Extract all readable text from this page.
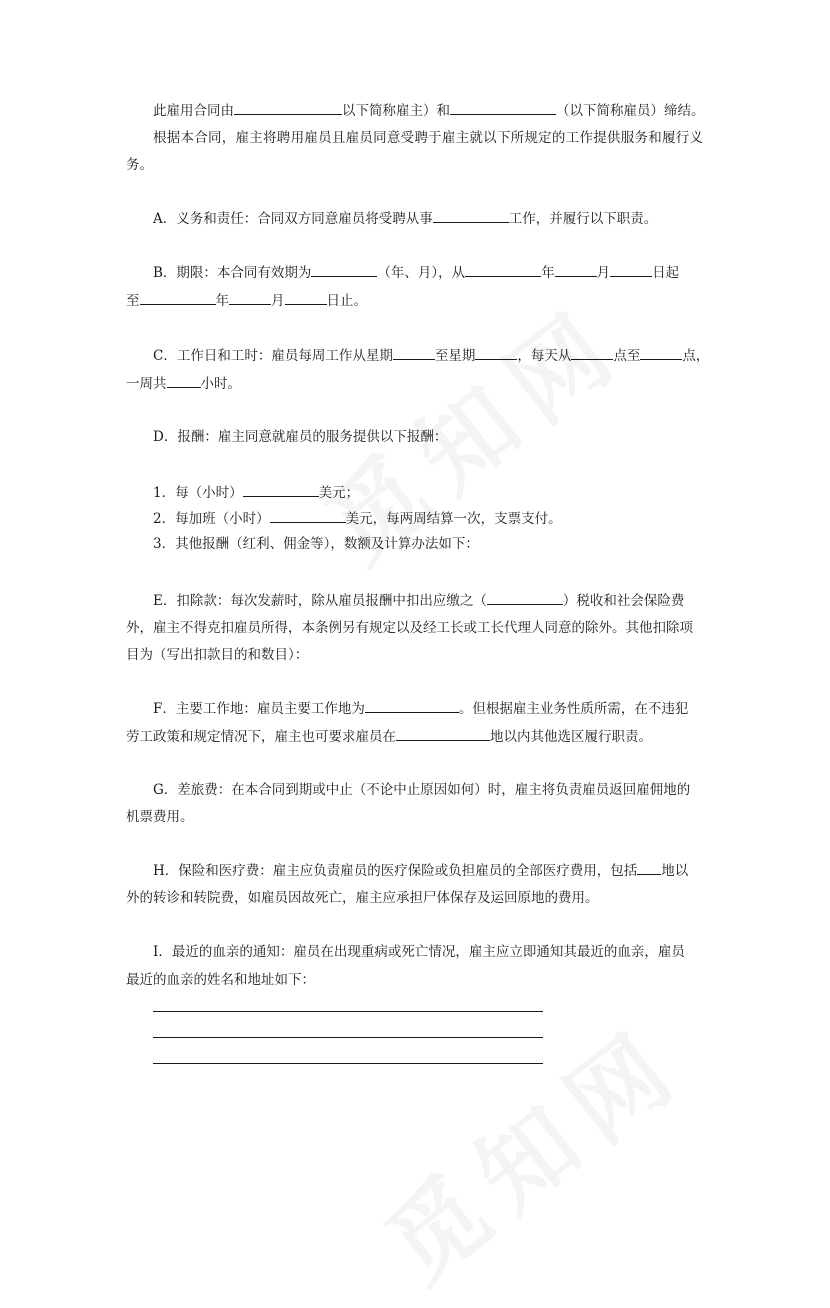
此雇用合同由	以下简称雇主）和	（以下简称雇员）缔结。
根据本合同，雇主将聘用雇员且雇员同意受聘于雇主就以下所规定的工作提供服务和履行义
务。
A．义务和责任：合同双方同意雇员将受聘从事	工作，并履行以下职责。
B．期限：本合同有效期为	（年、月），从	年	月	日起
至	年	月	日止。
C．工作日和工时：雇员每周工作从星期	至星期	，每天从	点至	点，
一周共	小时。
D．报酬：雇主同意就雇员的服务提供以下报酬：
1．每（小时）	美元；
2．每加班（小时）	美元，每两周结算一次，支票支付。
3．其他报酬（红利、佣金等），数额及计算办法如下：
E．扣除款：每次发薪时，除从雇员报酬中扣出应缴之（	）税收和社会保险费
外，雇主不得克扣雇员所得，本条例另有规定以及经工长或工长代理人同意的除外。其他扣除项
目为（写出扣款目的和数目）：
F．主要工作地：雇员主要工作地为	。但根据雇主业务性质所需，在不违犯
劳工政策和规定情况下，雇主也可要求雇员在	地以内其他选区履行职责。
G．差旅费：在本合同到期或中止（不论中止原因如何）时，雇主将负责雇员返回雇佣地的
机票费用。
H．保险和医疗费：雇主应负责雇员的医疗保险或负担雇员的全部医疗费用，包括 地以
外的转诊和转院费，如雇员因故死亡，雇主应承担尸体保存及运回原地的费用。
I．最近的血亲的通知：雇员在出现重病或死亡情况，雇主应立即通知其最近的血亲，雇员
最近的血亲的姓名和地址如下：
